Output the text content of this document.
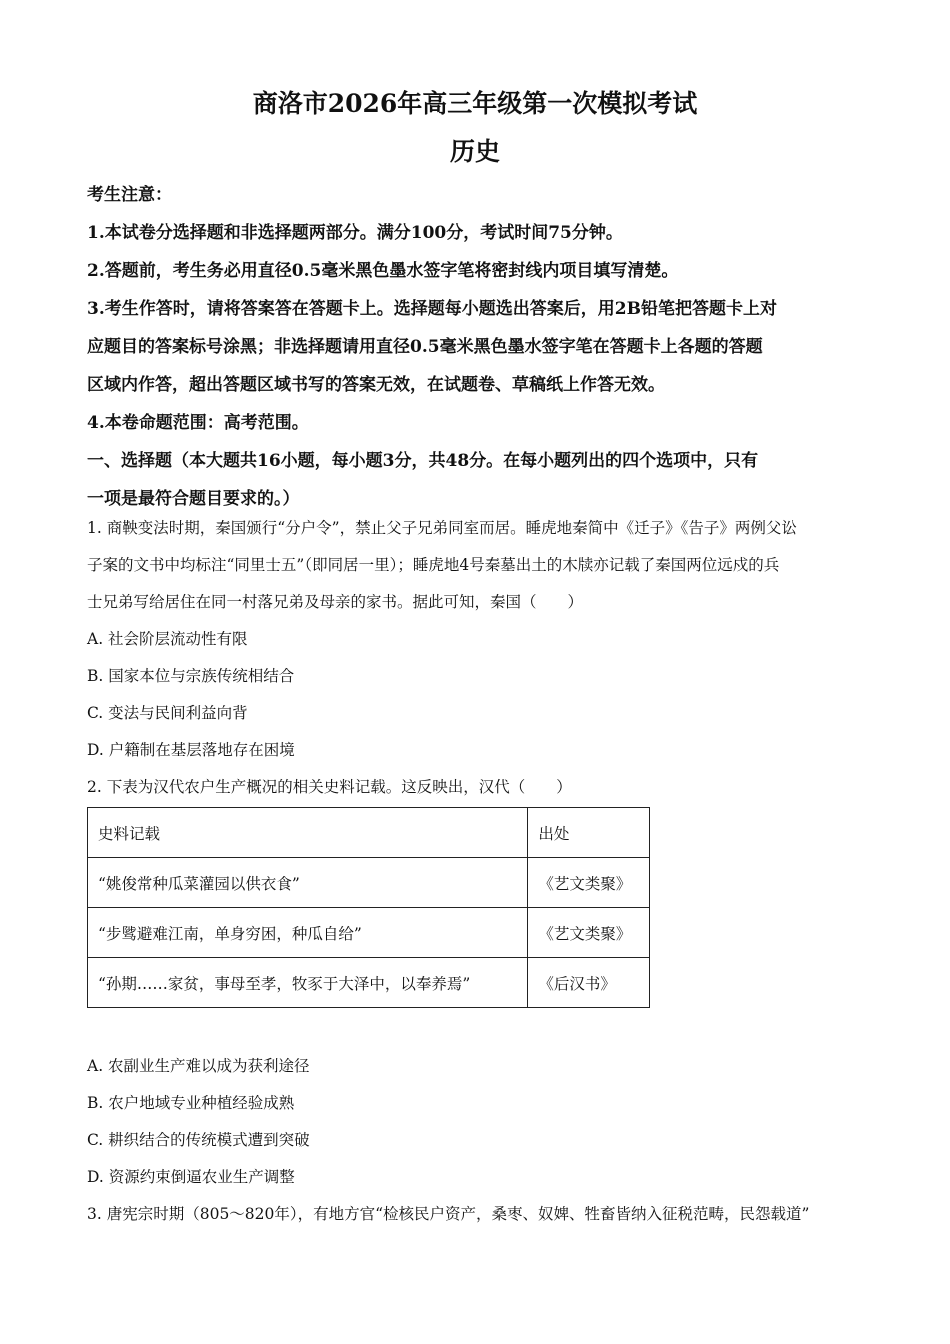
商洛市2026年高三年级第一次模拟考试
历史

考生注意：

1.本试卷分选择题和非选择题两部分。满分100分，考试时间75分钟。

2.答题前，考生务必用直径0.5毫米黑色墨水签字笔将密封线内项目填写清楚。

3.考生作答时，请将答案答在答题卡上。选择题每小题选出答案后，用2B铅笔把答题卡上对

应题目的答案标号涂黑；非选择题请用直径0.5毫米黑色墨水签字笔在答题卡上各题的答题

区域内作答，超出答题区域书写的答案无效，在试题卷、草稿纸上作答无效。

4.本卷命题范围：高考范围。

一、选择题（本大题共16小题，每小题3分，共48分。在每小题列出的四个选项中，只有

一项是最符合题目要求的。）

1. 商鞅变法时期，秦国颁行“分户令”，禁止父子兄弟同室而居。睡虎地秦简中《迁子》《告子》两例父讼

子案的文书中均标注“同里士五”（即同居一里）；睡虎地4号秦墓出土的木牍亦记载了秦国两位远戍的兵

士兄弟写给居住在同一村落兄弟及母亲的家书。据此可知，秦国（　　）

A. 社会阶层流动性有限

B. 国家本位与宗族传统相结合

C. 变法与民间利益向背

D. 户籍制在基层落地存在困境

2. 下表为汉代农户生产概况的相关史料记载。这反映出，汉代（　　）

史料记载	出处
“姚俊常种瓜菜灌园以供衣食”	《艺文类聚》
“步骘避难江南，单身穷困，种瓜自给”	《艺文类聚》
“孙期……家贫，事母至孝，牧豕于大泽中，以奉养焉”	《后汉书》

A. 农副业生产难以成为获利途径

B. 农户地域专业种植经验成熟

C. 耕织结合的传统模式遭到突破

D. 资源约束倒逼农业生产调整

3. 唐宪宗时期（805～820年），有地方官“检核民户资产，桑枣、奴婢、牲畜皆纳入征税范畴，民怨载道”
